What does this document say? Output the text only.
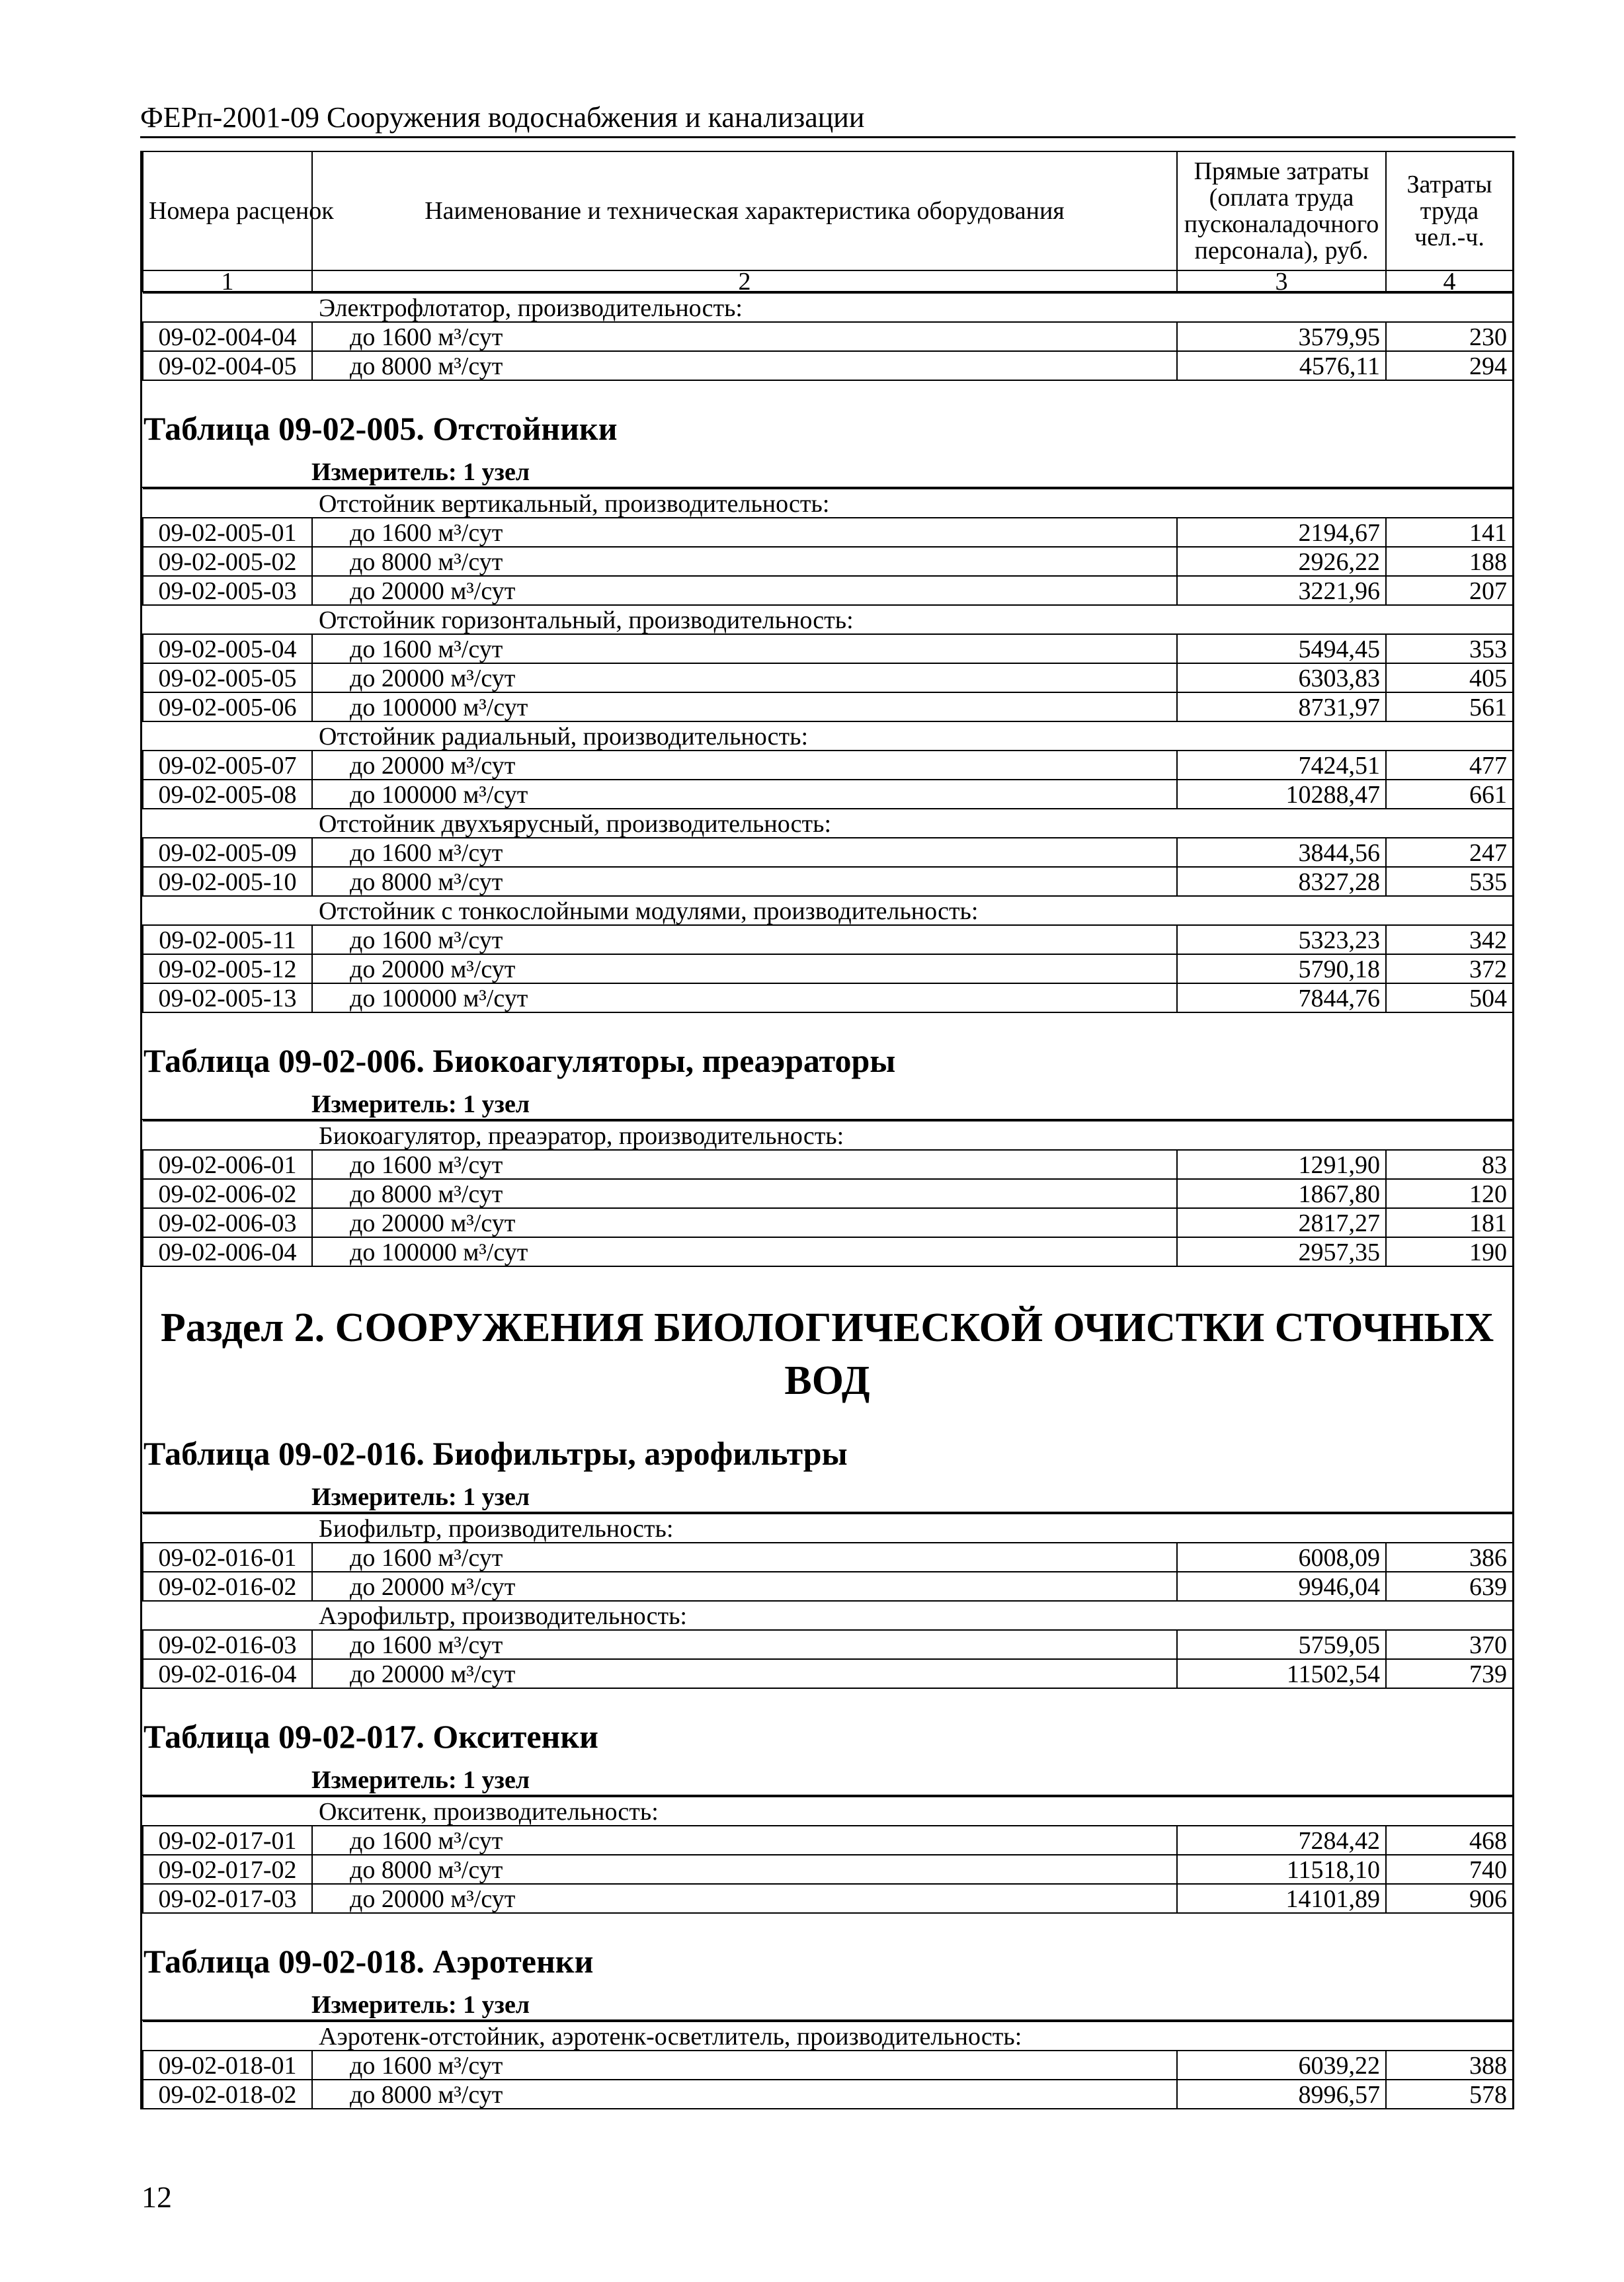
ФЕРп-2001-09 Сооружения водоснабжения и канализации
Номера расценок	Наименование и техническая характеристика оборудования	Прямые затраты (оплата труда пусконаладочного персонала), руб.	Затраты труда чел.-ч.
1	2	3	4
	Электрофлотатор, производительность:		
09-02-004-04	до 1600 м³/сут	3579,95	230
09-02-004-05	до 8000 м³/сут	4576,11	294
Таблица 09-02-005. Отстойники
Измеритель: 1 узел
	Отстойник вертикальный, производительность:		
09-02-005-01	до 1600 м³/сут	2194,67	141
09-02-005-02	до 8000 м³/сут	2926,22	188
09-02-005-03	до 20000 м³/сут	3221,96	207
	Отстойник горизонтальный, производительность:		
09-02-005-04	до 1600 м³/сут	5494,45	353
09-02-005-05	до 20000 м³/сут	6303,83	405
09-02-005-06	до 100000 м³/сут	8731,97	561
	Отстойник радиальный, производительность:		
09-02-005-07	до 20000 м³/сут	7424,51	477
09-02-005-08	до 100000 м³/сут	10288,47	661
	Отстойник двухъярусный, производительность:		
09-02-005-09	до 1600 м³/сут	3844,56	247
09-02-005-10	до 8000 м³/сут	8327,28	535
	Отстойник с тонкослойными модулями, производительность:		
09-02-005-11	до 1600 м³/сут	5323,23	342
09-02-005-12	до 20000 м³/сут	5790,18	372
09-02-005-13	до 100000 м³/сут	7844,76	504
Таблица 09-02-006. Биокоагуляторы, преаэраторы
Измеритель: 1 узел
	Биокоагулятор, преаэратор, производительность:		
09-02-006-01	до 1600 м³/сут	1291,90	83
09-02-006-02	до 8000 м³/сут	1867,80	120
09-02-006-03	до 20000 м³/сут	2817,27	181
09-02-006-04	до 100000 м³/сут	2957,35	190
Раздел 2. СООРУЖЕНИЯ БИОЛОГИЧЕСКОЙ ОЧИСТКИ СТОЧНЫХ ВОД
Таблица 09-02-016. Биофильтры, аэрофильтры
Измеритель: 1 узел
	Биофильтр, производительность:		
09-02-016-01	до 1600 м³/сут	6008,09	386
09-02-016-02	до 20000 м³/сут	9946,04	639
	Аэрофильтр, производительность:		
09-02-016-03	до 1600 м³/сут	5759,05	370
09-02-016-04	до 20000 м³/сут	11502,54	739
Таблица 09-02-017. Окситенки
Измеритель: 1 узел
	Окситенк, производительность:		
09-02-017-01	до 1600 м³/сут	7284,42	468
09-02-017-02	до 8000 м³/сут	11518,10	740
09-02-017-03	до 20000 м³/сут	14101,89	906
Таблица 09-02-018. Аэротенки
Измеритель: 1 узел
	Аэротенк-отстойник, аэротенк-осветлитель, производительность:		
09-02-018-01	до 1600 м³/сут	6039,22	388
09-02-018-02	до 8000 м³/сут	8996,57	578
12
